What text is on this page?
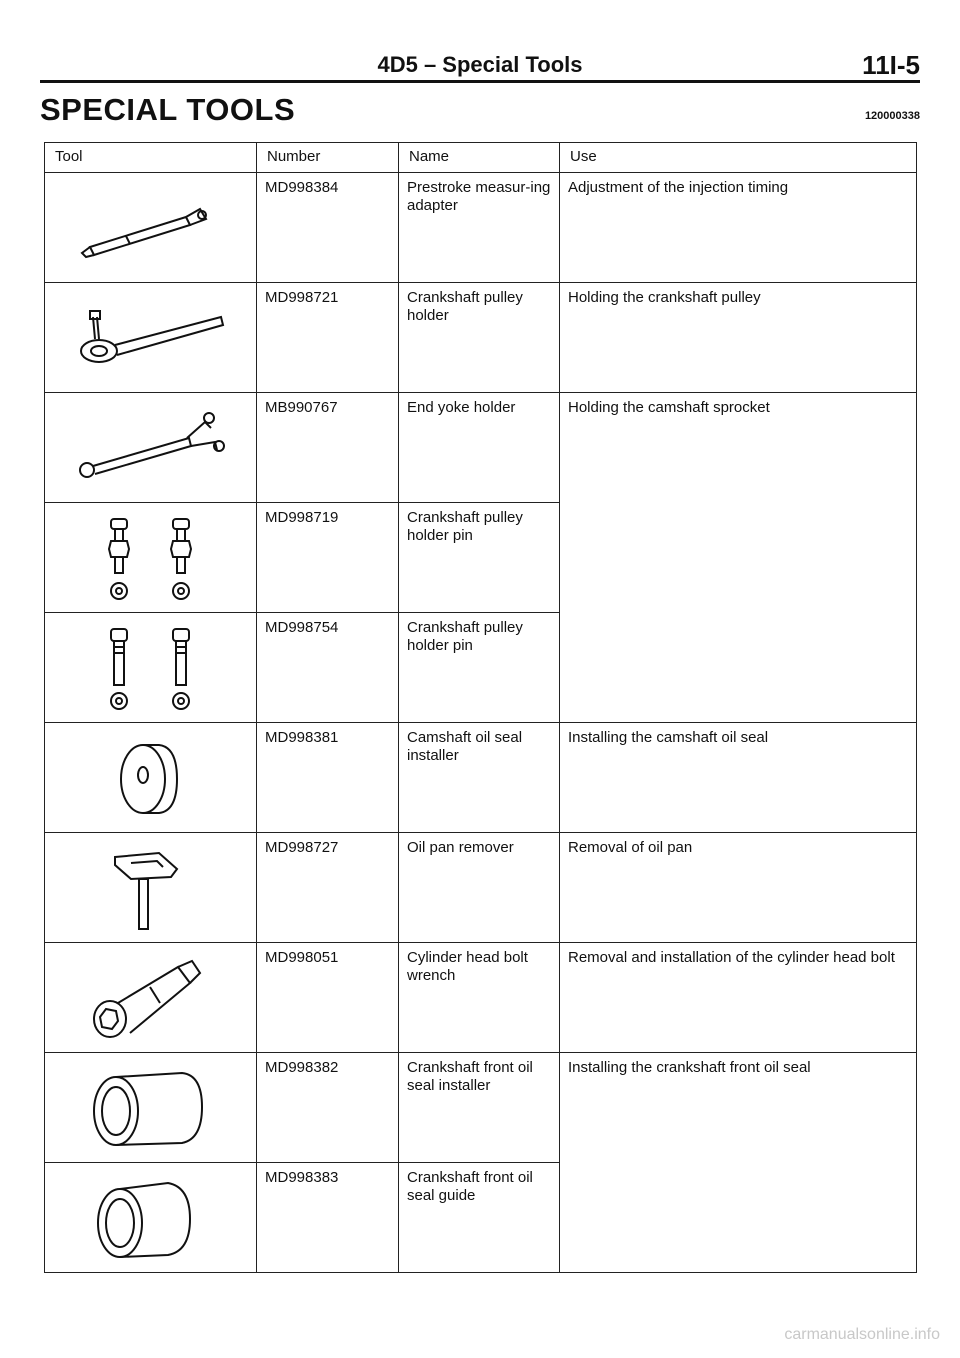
4D5 – Special Tools	11I-5
SPECIAL TOOLS	120000338
Tool	Number	Name	Use

	MD998384	Prestroke measur-ing adapter	Adjustment of the injection timing

	MD998721	Crankshaft pulley holder	Holding the crankshaft pulley

	MB990767	End yoke holder	Holding the camshaft sprocket

	MD998719	Crankshaft pulley holder pin	

	MD998754	Crankshaft pulley holder pin	

	MD998381	Camshaft oil seal installer	Installing the camshaft oil seal

	MD998727	Oil pan remover	Removal of oil pan

	MD998051	Cylinder head bolt wrench	Removal and installation of the cylinder head bolt

	MD998382	Crankshaft front oil seal installer	Installing the crankshaft front oil seal

	MD998383	Crankshaft front oil seal guide	
carmanualsonline.info
